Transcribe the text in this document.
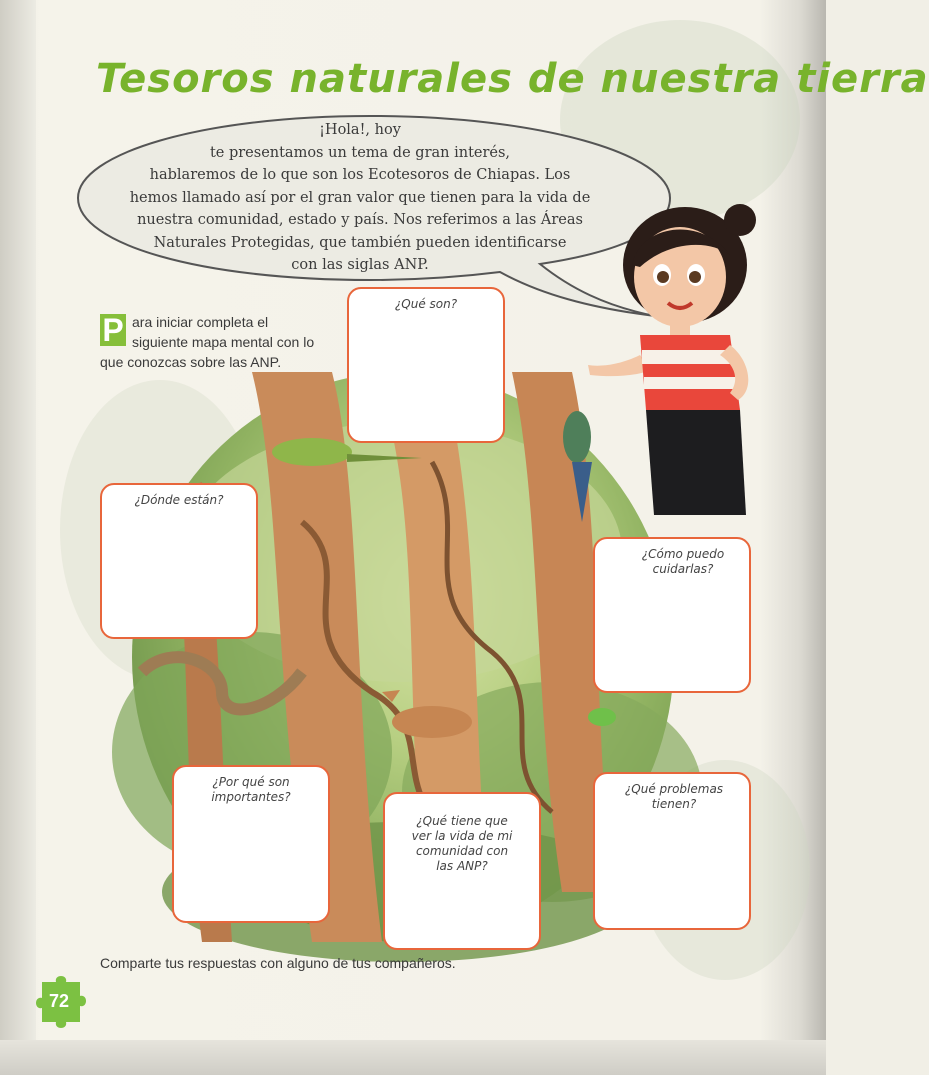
Tesoros naturales de nuestra tierra
¡Hola!, hoy
te presentamos un tema de gran interés,
hablaremos de lo que son los Ecotesoros de Chiapas. Los
hemos llamado así por el gran valor que tienen para la vida de
nuestra comunidad, estado y país. Nos referimos a las Áreas
Naturales Protegidas, que también pueden identificarse
con las siglas ANP.
P ara iniciar completa el siguiente mapa mental con lo que conozcas sobre las ANP.
¿Qué son?
¿Dónde están?
¿Cómo puedo cuidarlas?
¿Por qué son importantes?
¿Qué tiene que ver la vida de mi comunidad con las ANP?
¿Qué problemas tienen?
Comparte tus respuestas con alguno de tus compañeros.
72
